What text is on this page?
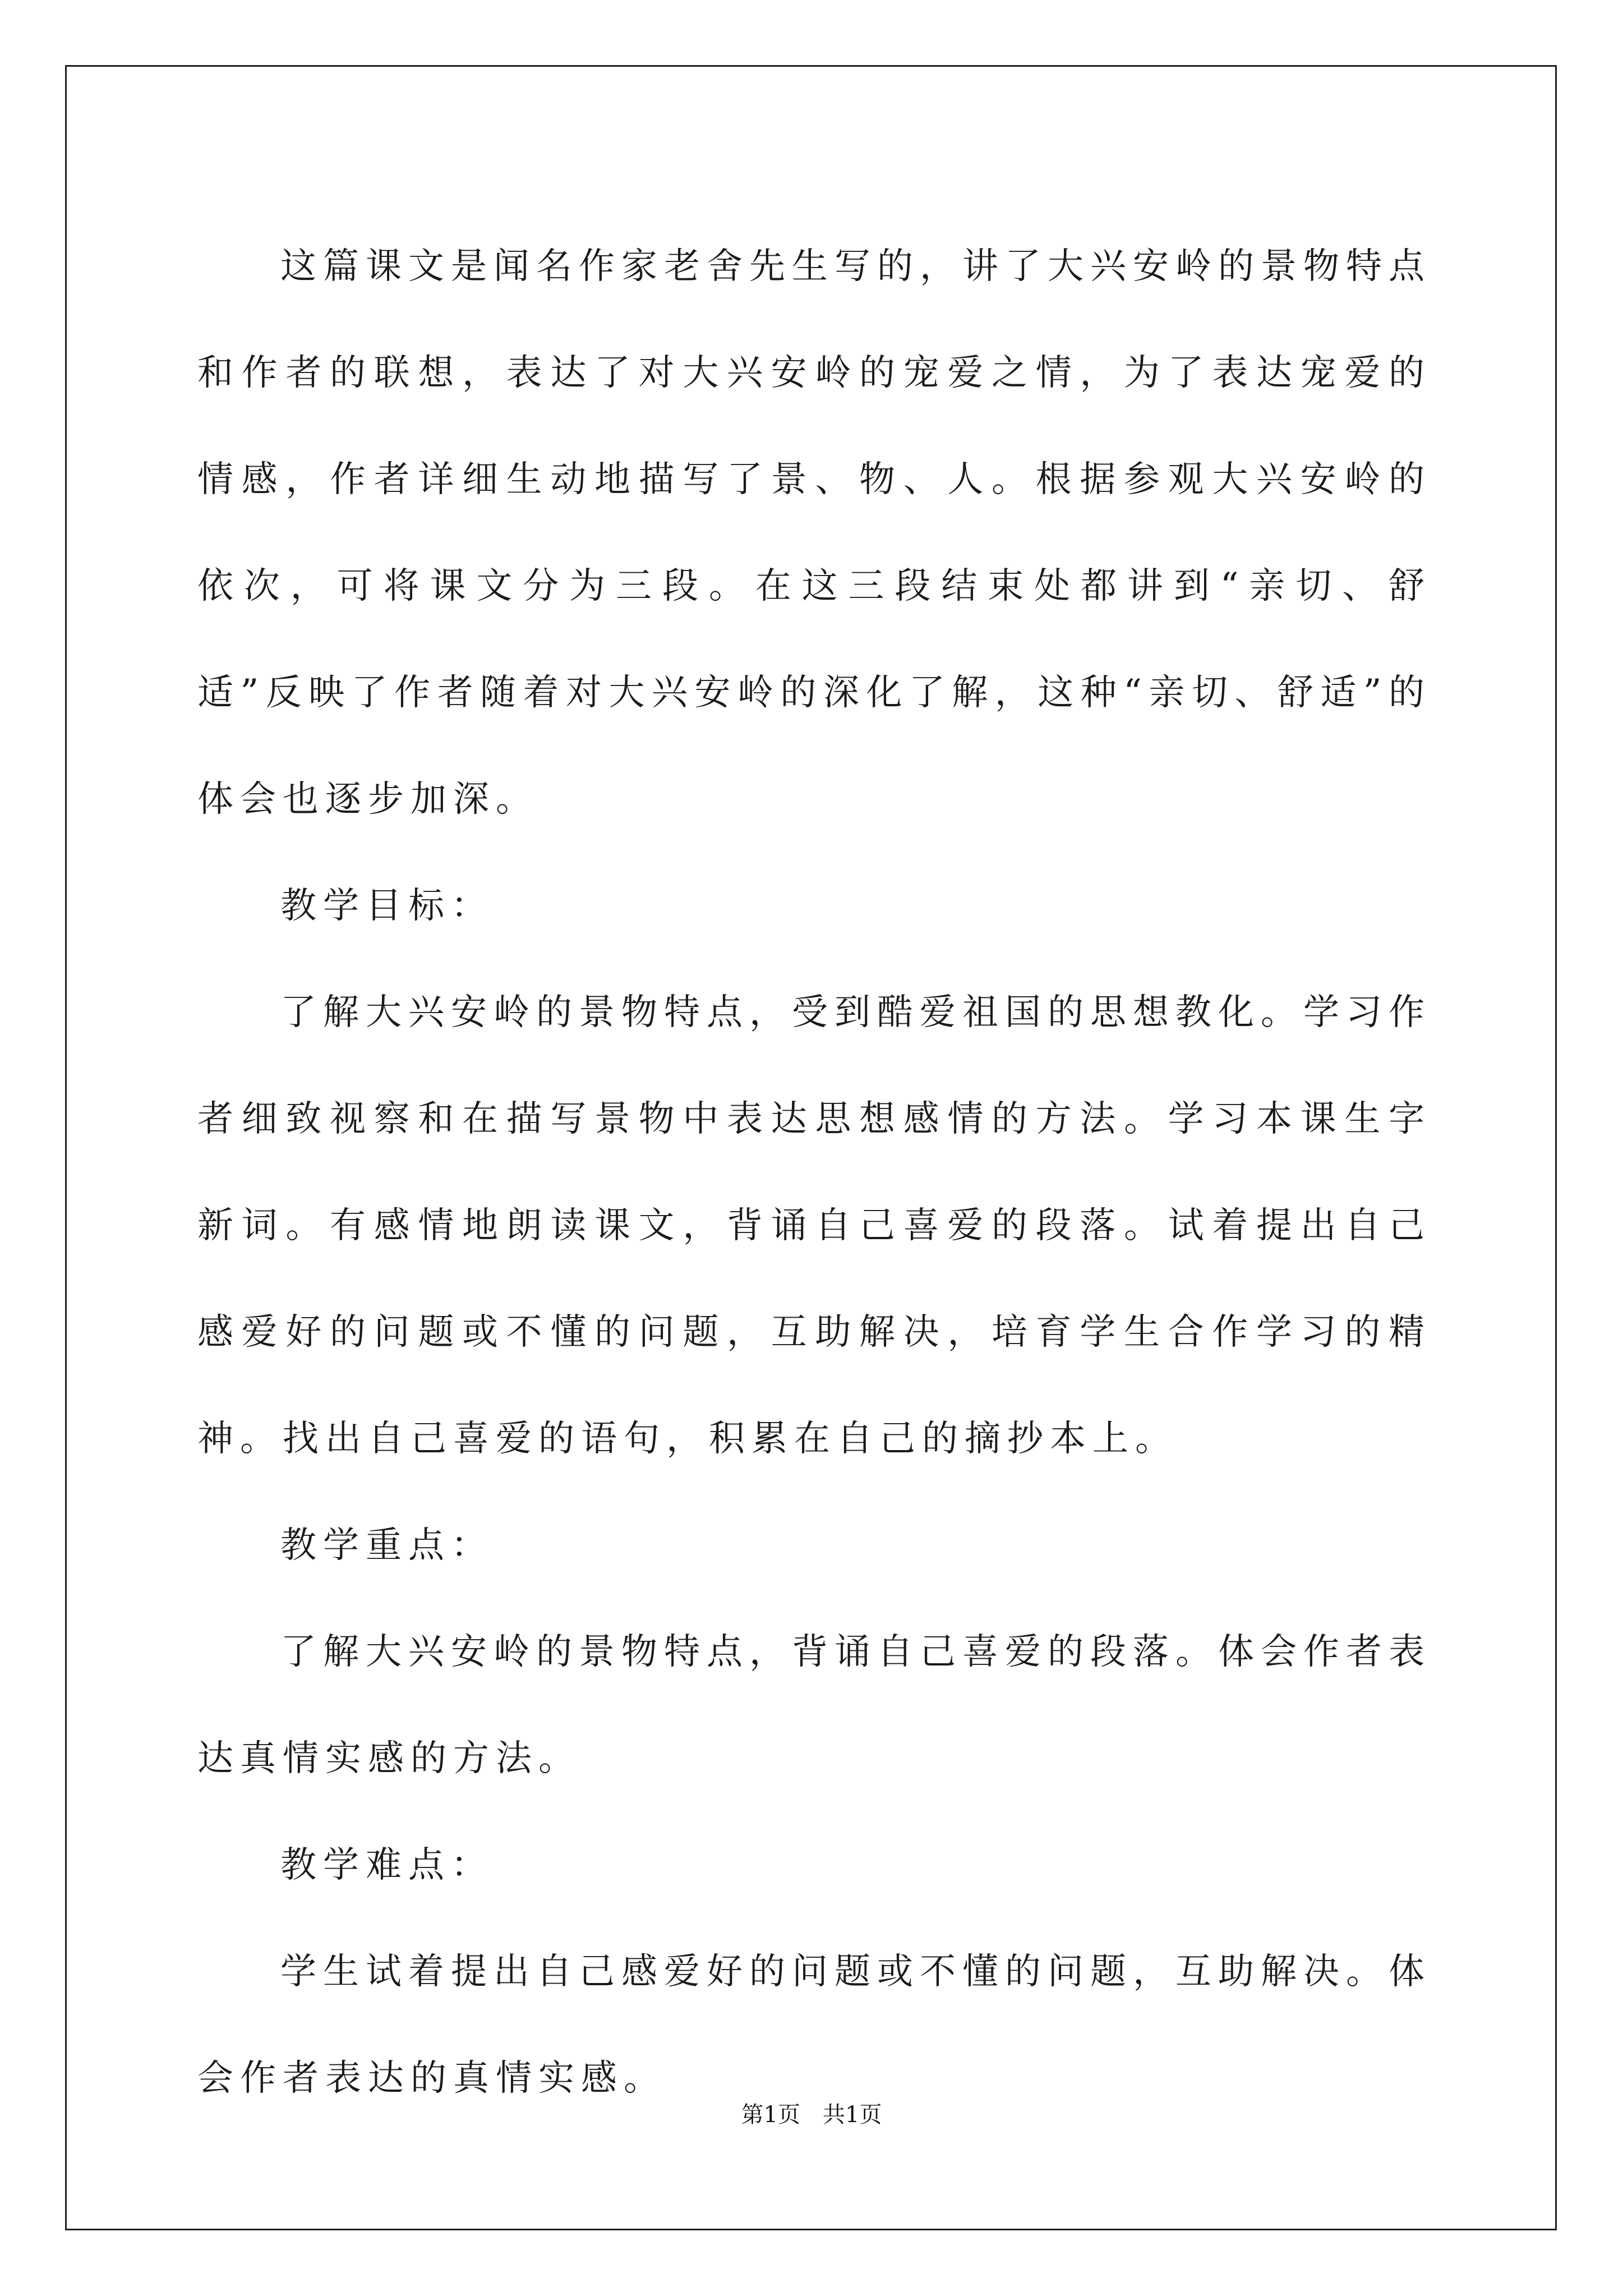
这篇课文是闻名作家老舍先生写的，讲了大兴安岭的景物特点和作者的联想，表达了对大兴安岭的宠爱之情，为了表达宠爱的情感，作者详细生动地描写了景、物、人。根据参观大兴安岭的依次，可将课文分为三段。在这三段结束处都讲到“亲切、舒适”反映了作者随着对大兴安岭的深化了解，这种“亲切、舒适”的体会也逐步加深。

教学目标：

了解大兴安岭的景物特点，受到酷爱祖国的思想教化。学习作者细致视察和在描写景物中表达思想感情的方法。学习本课生字新词。有感情地朗读课文，背诵自己喜爱的段落。试着提出自己感爱好的问题或不懂的问题，互助解决，培育学生合作学习的精神。找出自己喜爱的语句，积累在自己的摘抄本上。

教学重点：

了解大兴安岭的景物特点，背诵自己喜爱的段落。体会作者表达真情实感的方法。

教学难点：

学生试着提出自己感爱好的问题或不懂的问题，互助解决。体会作者表达的真情实感。

第1页 共1页
